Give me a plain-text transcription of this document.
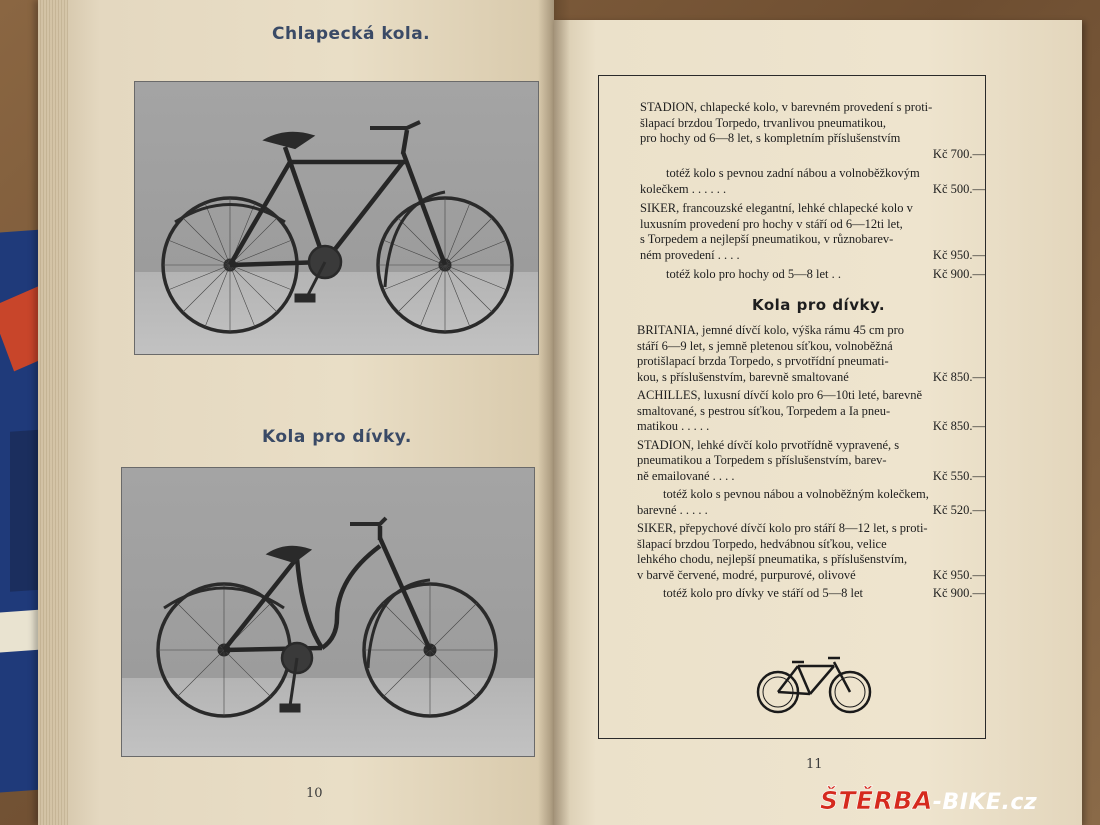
Chlapecká kola.
Kola pro dívky.
10
STADION, chlapecké kolo, v barevném provedení s proti-
šlapací brzdou Torpedo, trvanlivou pneumatikou,
pro hochy od 6—8 let, s kompletním příslušenstvím
Kč 700.—
totéž kolo s pevnou zadní nábou a volnoběžkovým
kolečkem . . . . . .	Kč 500.—
SIKER, francouzské elegantní, lehké chlapecké kolo v
luxusním provedení pro hochy v stáří od 6—12ti let,
s Torpedem a nejlepší pneumatikou, v různobarev-
ném provedení . . . .	Kč 950.—
totéž kolo pro hochy od 5—8 let . .	Kč 900.—
Kola pro dívky.
BRITANIA, jemné dívčí kolo, výška rámu 45 cm pro
stáří 6—9 let, s jemně pletenou síťkou, volnoběžná
protišlapací brzda Torpedo, s prvotřídní pneumati-
kou, s příslušenstvím, barevně smaltované	Kč 850.—
ACHILLES, luxusní dívčí kolo pro 6—10ti leté, barevně
smaltované, s pestrou síťkou, Torpedem a Ia pneu-
matikou . . . . .	Kč 850.—
STADION, lehké dívčí kolo prvotřídně vypravené, s
pneumatikou a Torpedem s příslušenstvím, barev-
ně emailované . . . .	Kč 550.—
totéž kolo s pevnou nábou a volnoběžným kolečkem,
barevné . . . . .	Kč 520.—
SIKER, přepychové dívčí kolo pro stáří 8—12 let, s proti-
šlapací brzdou Torpedo, hedvábnou síťkou, velice
lehkého chodu, nejlepší pneumatika, s příslušenstvím,
v barvě červené, modré, purpurové, olivové	Kč 950.—
totéž kolo pro dívky ve stáří od 5—8 let	Kč 900.—
11
ŠTĚRBA-BIKE.cz
